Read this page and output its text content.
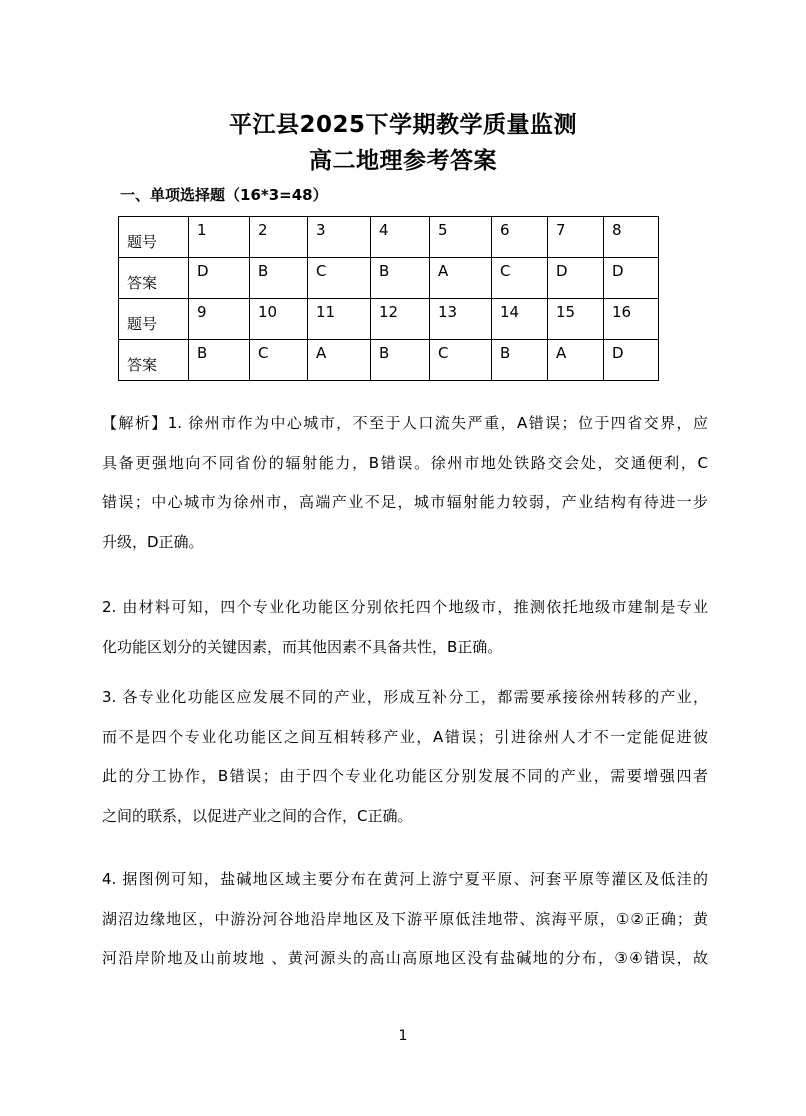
平江县2025下学期教学质量监测
高二地理参考答案
一、单项选择题（16*3=48）
题号	1	2	3	4	5	6	7	8
答案	D	B	C	B	A	C	D	D
题号	9	10	11	12	13	14	15	16
答案	B	C	A	B	C	B	A	D
【解析】1. 徐州市作为中心城市，不至于人口流失严重，A错误；位于四省交界，应
具备更强地向不同省份的辐射能力，B错误。徐州市地处铁路交会处，交通便利，C
错误；中心城市为徐州市，高端产业不足，城市辐射能力较弱，产业结构有待进一步
升级，D正确。
2. 由材料可知，四个专业化功能区分别依托四个地级市，推测依托地级市建制是专业
化功能区划分的关键因素，而其他因素不具备共性，B正确。
3. 各专业化功能区应发展不同的产业，形成互补分工，都需要承接徐州转移的产业，
而不是四个专业化功能区之间互相转移产业，A错误；引进徐州人才不一定能促进彼
此的分工协作，B错误；由于四个专业化功能区分别发展不同的产业，需要增强四者
之间的联系，以促进产业之间的合作，C正确。
4. 据图例可知，盐碱地区域主要分布在黄河上游宁夏平原、河套平原等灌区及低洼的
湖沼边缘地区，中游汾河谷地沿岸地区及下游平原低洼地带、滨海平原，①②正确；黄
河沿岸阶地及山前坡地 、黄河源头的高山高原地区没有盐碱地的分布，③④错误，故
1
